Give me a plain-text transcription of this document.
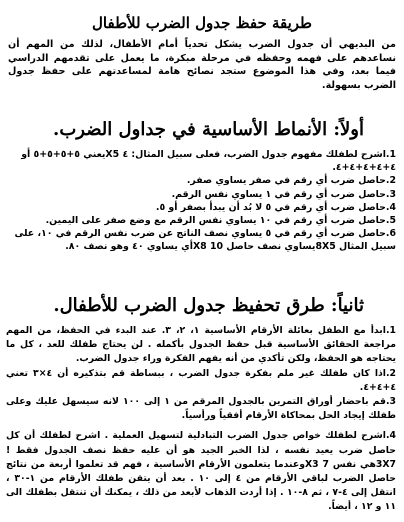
طريقة حفظ جدول الضرب للأطفال
من البديهي أن جدول الضرب يشكل تحدياً أمام الأطفال، لذلك من المهم أن نساعدهم على فهمه وحفظه في مرحلة مبكرة، ما يعمل على تقدمهم الدراسي فيما بعد، وفي هذا الموضوع ستجد نصائح هامة لمساعدتهم على حفظ جدول الضرب بسهولة.
أولاً: الأنماط الأساسية في جداول الضرب.

1.اشرح لطفلك مفهوم جدول الضرب، فعلى سبيل المثال: ٤ X5يعني ٥+٥+٥+٥ أو ٤+٤+٤+٤+٤.

2.حاصل ضرب أي رقم في صفر يساوي صفر.

3.حاصل ضرب أي رقم في ١ يساوي نفس الرقم.

4.حاصل ضرب أي رقم في ٥ لا بُد أن يبدأ بصفر أو ٥.

5.حاصل ضرب أي رقم في ١٠ يساوي نفس الرقم مع وضع صفر على اليمين.

6.حاصل ضرب أي رقم في ٥ يساوي نصف الناتج عن ضرب نفس الرقم في ١٠، على سبيل المثال 8X5يساوي نصف حاصل 10 X8أي يساوي ٤٠ وهو نصف ٨٠.

ثانياً: طرق تحفيظ جدول الضرب للأطفال.

1.ابدأ مع الطفل بعائلة الأرقام الأساسية ١، ٢، ٣. عند البدء في الحفظ، من المهم مراجعة الحقائق الأساسية قبل حفظ الجدول بأكمله . لن يحتاج طفلك للعد ، كل ما يحتاجه هو الحفظ، ولكن تأكدي من أنه يفهم الفكرة وراء جدول الضرب.

2.اذا كان طفلك غير ملم بفكرة جدول الضرب ، ببساطة قم بتذكيره أن ٤×٣ تعني ٤+٤+٤.

3.قم باحضار أوراق التمرين بالجدول المرقم من ١ إلى ١٠٠ لانه سيسهل عليك وعلى طفلك إيجاد الحل بمحاكاة الأرقام أفقياً ورأسياً.

4.اشرح لطفلك خواص جدول الضرب التبادلية لتسهيل العملية . اشرح لطفلك أن كل حاصل ضرب يعيد نفسه ، لذا الخبر الجيد هو أن عليه حفظ نصف الجدول فقط ! 3X7هي نفس 7 X3وعندما يتعلمون الأرقام الأساسية ، فهم قد تعلموا أربعة من نتائج حاصل الضرب لباقي الأرقام من ٤ إلى ١٠ . بعد أن يتقن طفلك الأرقام من ١-٣٠ ، انتقل إلى ٤-٧ ، ثم ٨-١٠ . إذا أردت الذهاب لأبعد من ذلك ، يمكنك أن تنتقل بطفلك الى ١١ و ١٢ ، أيضاً.
